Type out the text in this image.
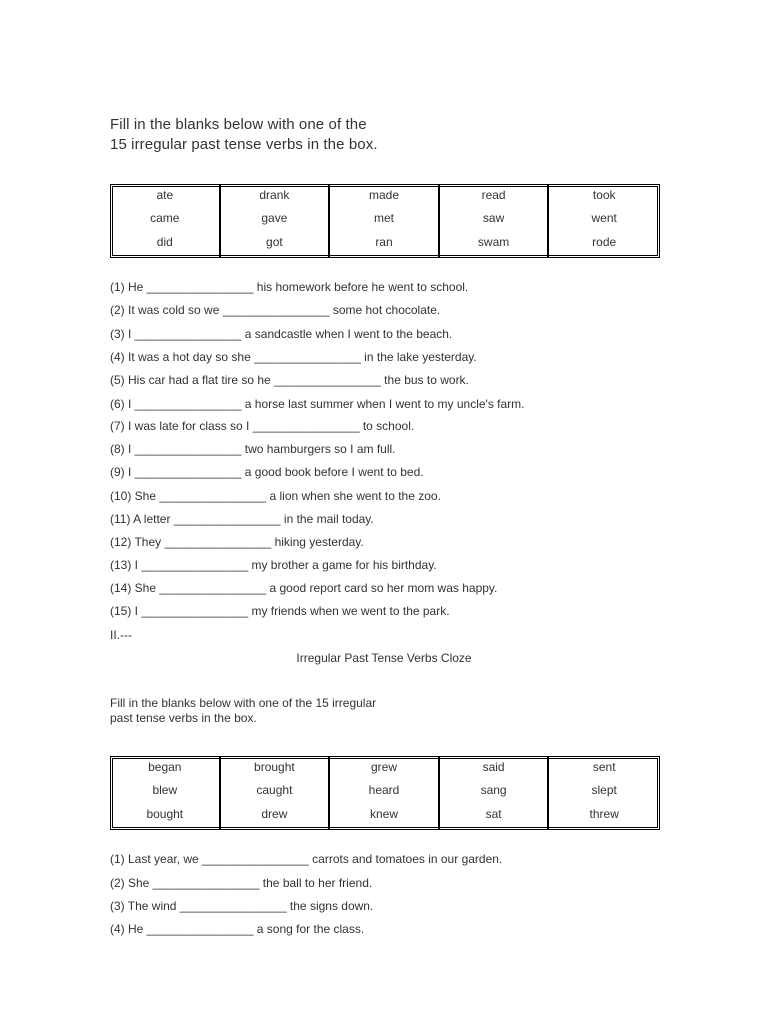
Fill in the blanks below with one of the
15 irregular past tense verbs in the box.
ate
came
did
drank
gave
got
made
met
ran
read
saw
swam
took
went
rode
(1) He ________________ his homework before he went to school.
(2) It was cold so we ________________ some hot chocolate.
(3) I ________________ a sandcastle when I went to the beach.
(4) It was a hot day so she ________________ in the lake yesterday.
(5) His car had a flat tire so he ________________ the bus to work.
(6) I ________________ a horse last summer when I went to my uncle's farm.
(7) I was late for class so I ________________ to school.
(8) I ________________ two hamburgers so I am full.
(9) I ________________ a good book before I went to bed.
(10) She ________________ a lion when she went to the zoo.
(11) A letter ________________ in the mail today.
(12) They ________________ hiking yesterday.
(13) I ________________ my brother a game for his birthday.
(14) She ________________ a good report card so her mom was happy.
(15) I ________________ my friends when we went to the park.
II.---
Irregular Past Tense Verbs Cloze
Fill in the blanks below with one of the 15 irregular
past tense verbs in the box.
began
blew
bought
brought
caught
drew
grew
heard
knew
said
sang
sat
sent
slept
threw
(1) Last year, we ________________ carrots and tomatoes in our garden.
(2) She ________________ the ball to her friend.
(3) The wind ________________ the signs down.
(4) He ________________ a song for the class.
